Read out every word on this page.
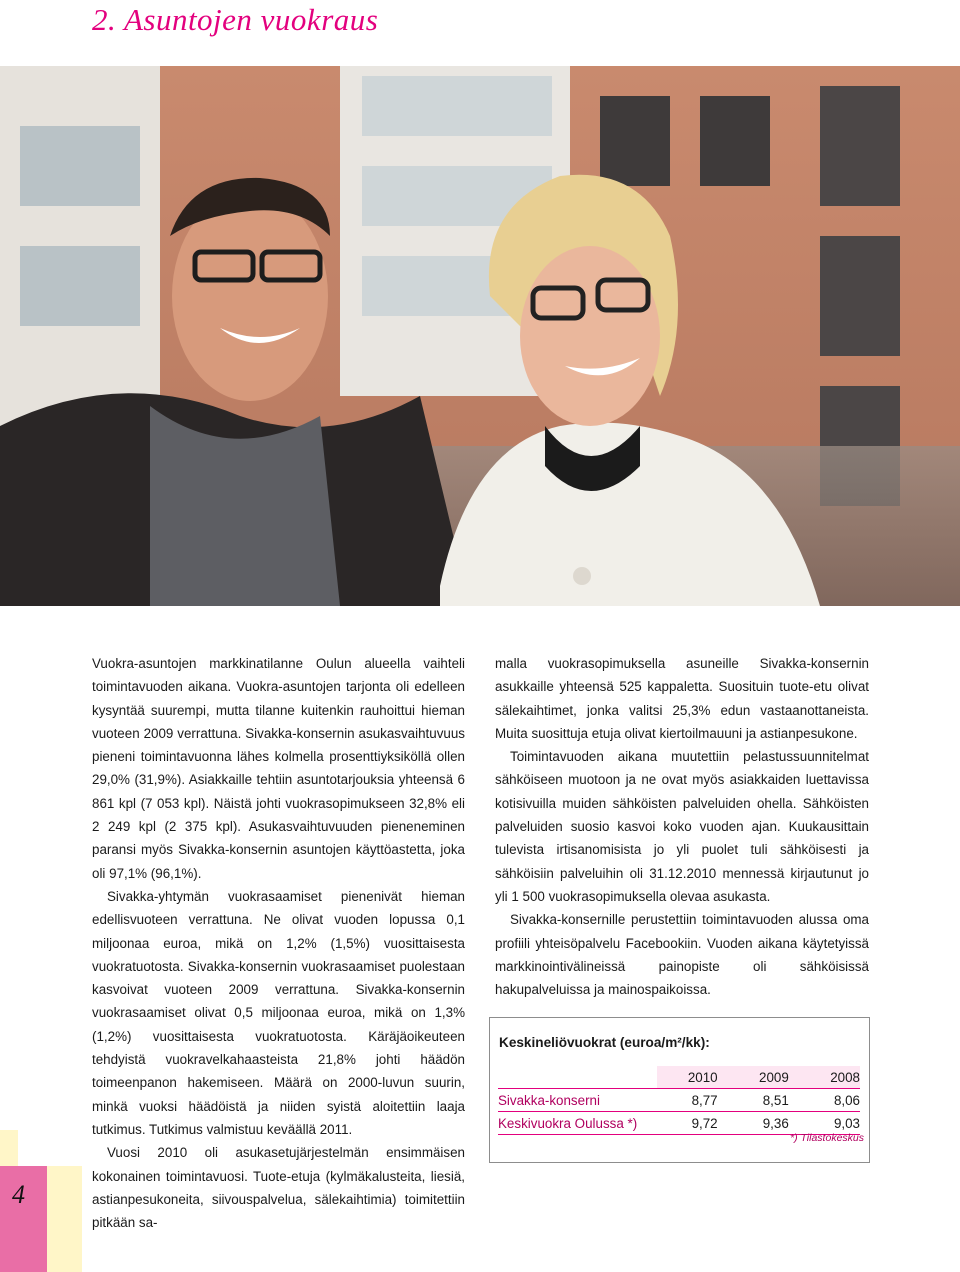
2. Asuntojen vuokraus

Vuokra-asuntojen markkinatilanne Oulun alueella vaihteli toimintavuoden aikana. Vuokra-asuntojen tarjonta oli edelleen kysyntää suurempi, mutta tilanne kuitenkin rauhoittui hieman vuoteen 2009 verrattuna. Sivakka-konsernin asukasvaihtuvuus pieneni toimintavuonna lähes kolmella prosenttiyksiköllä ollen 29,0% (31,9%). Asiakkaille tehtiin asuntotarjouksia yhteensä 6 861 kpl (7 053 kpl). Näistä johti vuokrasopimukseen 32,8% eli 2 249 kpl (2 375 kpl). Asukasvaihtuvuuden pieneneminen paransi myös Sivakka-konsernin asuntojen käyttöastetta, joka oli 97,1% (96,1%).

Sivakka-yhtymän vuokrasaamiset pienenivät hieman edellisvuoteen verrattuna. Ne olivat vuoden lopussa 0,1 miljoonaa euroa, mikä on 1,2% (1,5%) vuosittaisesta vuokratuotosta. Sivakka-konsernin vuokrasaamiset puolestaan kasvoivat vuoteen 2009 verrattuna. Sivakka-konsernin vuokrasaamiset olivat 0,5 miljoonaa euroa, mikä on 1,3% (1,2%) vuosittaisesta vuokratuotosta. Käräjäoikeuteen tehdyistä vuokravelkahaasteista 21,8% johti häädön toimeenpanon hakemiseen. Määrä on 2000-luvun suurin, minkä vuoksi häädöistä ja niiden syistä aloitettiin laaja tutkimus. Tutkimus valmistuu keväällä 2011.

Vuosi 2010 oli asukasetujärjestelmän ensimmäisen kokonainen toimintavuosi. Tuote-etuja (kylmäkalusteita, liesiä, astianpesukoneita, siivouspalvelua, sälekaihtimia) toimitettiin pitkään sa-

malla vuokrasopimuksella asuneille Sivakka-konsernin asukkaille yhteensä 525 kappaletta. Suosituin tuote-etu olivat sälekaihtimet, jonka valitsi 25,3% edun vastaanottaneista. Muita suosittuja etuja olivat kiertoilmauuni ja astianpesukone.

Toimintavuoden aikana muutettiin pelastussuunnitelmat sähköiseen muotoon ja ne ovat myös asiakkaiden luettavissa kotisivuilla muiden sähköisten palveluiden ohella. Sähköisten palveluiden suosio kasvoi koko vuoden ajan. Kuukausittain tulevista irtisanomisista jo yli puolet tuli sähköisesti ja sähköisiin palveluihin oli 31.12.2010 mennessä kirjautunut jo yli 1 500 vuokrasopimuksella olevaa asukasta.

Sivakka-konsernille perustettiin toimintavuoden alussa oma profiili yhteisöpalvelu Facebookiin. Vuoden aikana käytetyissä markkinointivälineissä painopiste oli sähköisissä hakupalveluissa ja mainospaikoissa.

Keskineliövuokrat (euroa/m²/kk):
	2010	2009	2008
Sivakka-konserni	8,77	8,51	8,06
Keskivuokra Oulussa *)	9,72	9,36	9,03
*) Tilastokeskus
4
